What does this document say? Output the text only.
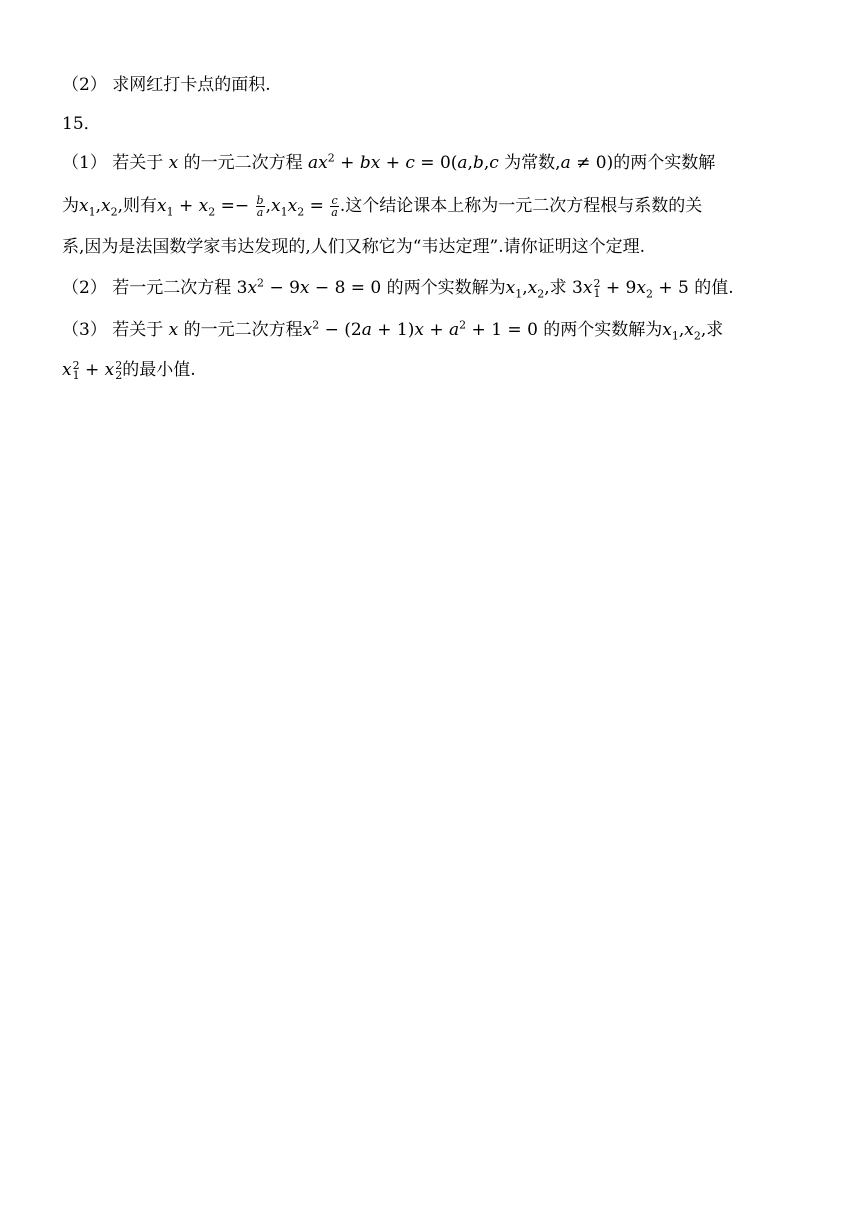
（2） 求网红打卡点的面积.
15．
（1） 若关于 x 的一元二次方程 $ax^2$ + bx + c = 0(a,b,c 为常数,a ≠ 0)的两个实数解
为$x_1,x_2$,则有$x_1 + x_2 =- \frac{b}{a} ,x_1x_2 = \frac{c}{a}$ .这个结论课本上称为一元二次方程根与系数的关
系,因为是法国数学家韦达发现的,人们又称它为“韦达定理”.请你证明这个定理.
（2） 若一元二次方程 $3x^2 - 9x - 8 = 0$ 的两个实数解为$x_1,x_2$,求 3x 2
$1 + 9x_2 + 5$ 的值.
（3） 若关于 x 的一元二次方程$x^2 - (2a + 1)x + a^2 + 1 = 0$ 的两个实数解为$x_1,x_2$,求
x 2
1 + x 2
2 的最小值.
